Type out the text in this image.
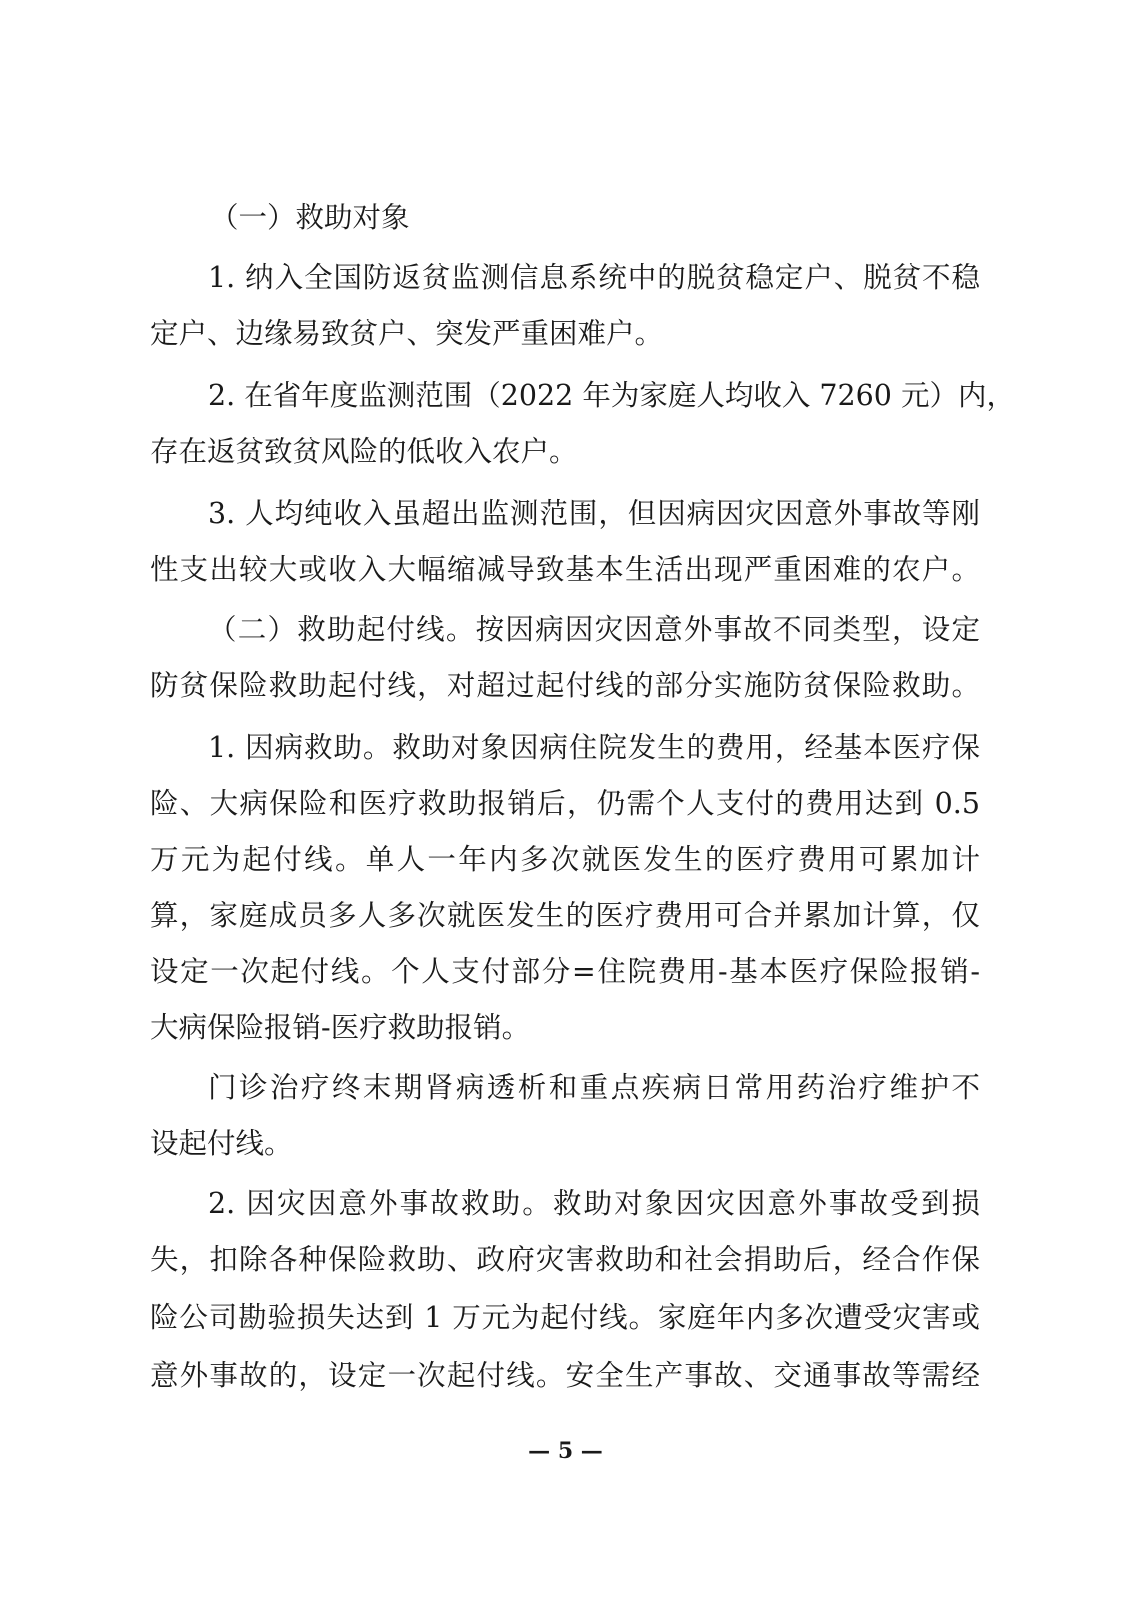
（一）救助对象
1. 纳入全国防返贫监测信息系统中的脱贫稳定户、脱贫不稳
定户、边缘易致贫户、突发严重困难户。
2. 在省年度监测范围（2022 年为家庭人均收入 7260 元）内，
存在返贫致贫风险的低收入农户。
3. 人均纯收入虽超出监测范围，但因病因灾因意外事故等刚
性支出较大或收入大幅缩减导致基本生活出现严重困难的农户。
（二）救助起付线。按因病因灾因意外事故不同类型，设定
防贫保险救助起付线，对超过起付线的部分实施防贫保险救助。
1. 因病救助。救助对象因病住院发生的费用，经基本医疗保
险、大病保险和医疗救助报销后，仍需个人支付的费用达到 0.5
万元为起付线。单人一年内多次就医发生的医疗费用可累加计
算，家庭成员多人多次就医发生的医疗费用可合并累加计算，仅
设定一次起付线。个人支付部分=住院费用-基本医疗保险报销-
大病保险报销-医疗救助报销。
门诊治疗终末期肾病透析和重点疾病日常用药治疗维护不
设起付线。
2. 因灾因意外事故救助。救助对象因灾因意外事故受到损
失，扣除各种保险救助、政府灾害救助和社会捐助后，经合作保
险公司勘验损失达到 1 万元为起付线。家庭年内多次遭受灾害或
意外事故的，设定一次起付线。安全生产事故、交通事故等需经
— 5 —
